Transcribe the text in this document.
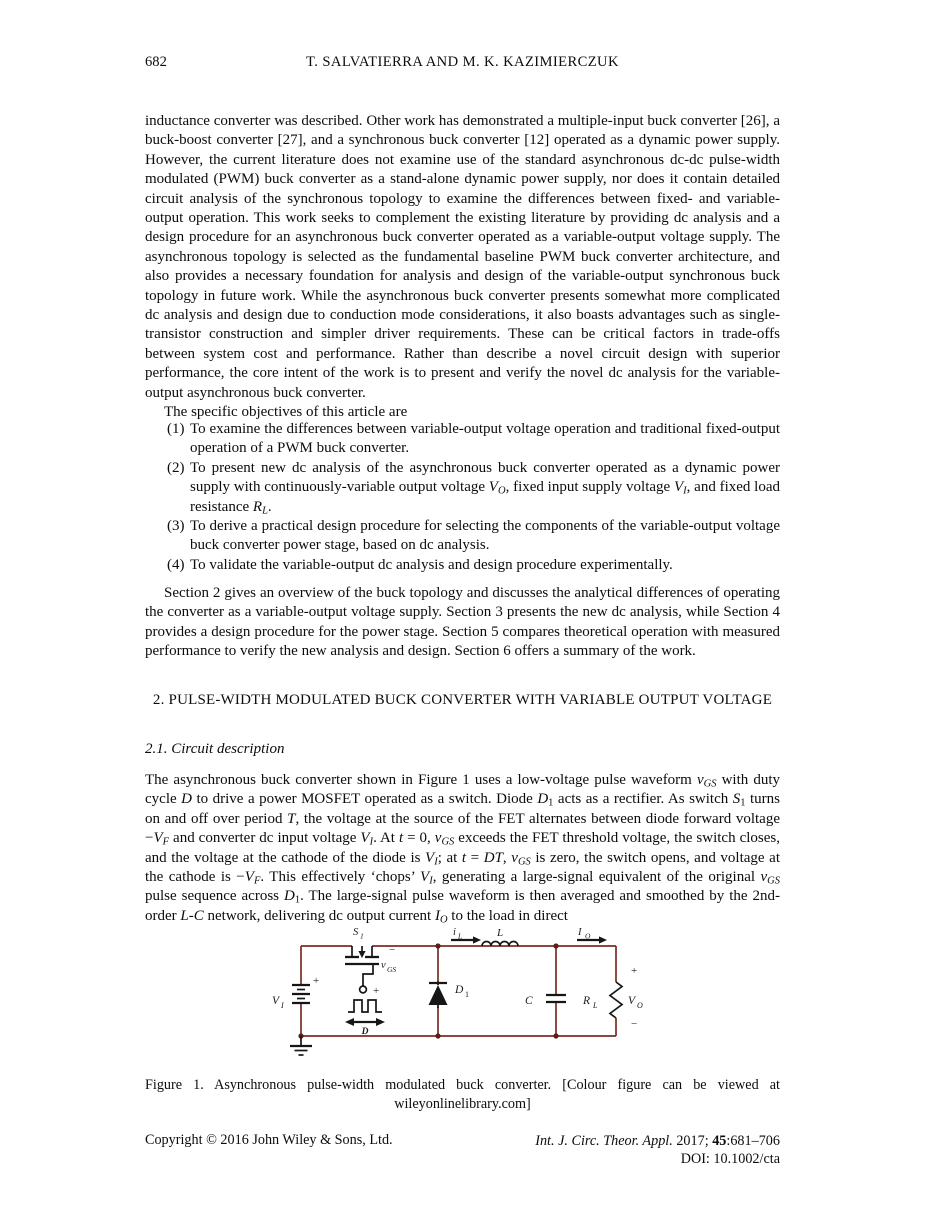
682	T. SALVATIERRA AND M. K. KAZIMIERCZUK
inductance converter was described. Other work has demonstrated a multiple-input buck converter [26], a buck-boost converter [27], and a synchronous buck converter [12] operated as a dynamic power supply. However, the current literature does not examine use of the standard asynchronous dc-dc pulse-width modulated (PWM) buck converter as a stand-alone dynamic power supply, nor does it contain detailed circuit analysis of the synchronous topology to examine the differences between fixed- and variable-output operation. This work seeks to complement the existing literature by providing dc analysis and a design procedure for an asynchronous buck converter operated as a variable-output voltage supply. The asynchronous topology is selected as the fundamental baseline PWM buck converter architecture, and also provides a necessary foundation for analysis and design of the variable-output synchronous buck topology in future work. While the asynchronous buck converter presents somewhat more complicated dc analysis and design due to conduction mode considerations, it also boasts advantages such as single-transistor construction and simpler driver requirements. These can be critical factors in trade-offs between system cost and performance. Rather than describe a novel circuit design with superior performance, the core intent of the work is to present and verify the novel dc analysis for the variable-output asynchronous buck converter.
The specific objectives of this article are
(1) To examine the differences between variable-output voltage operation and traditional fixed-output operation of a PWM buck converter.
(2) To present new dc analysis of the asynchronous buck converter operated as a dynamic power supply with continuously-variable output voltage $V_O$, fixed input supply voltage $V_I$, and fixed load resistance $R_L$.
(3) To derive a practical design procedure for selecting the components of the variable-output voltage buck converter power stage, based on dc analysis.
(4) To validate the variable-output dc analysis and design procedure experimentally.
Section 2 gives an overview of the buck topology and discusses the analytical differences of operating the converter as a variable-output voltage supply. Section 3 presents the new dc analysis, while Section 4 provides a design procedure for the power stage. Section 5 compares theoretical operation with measured performance to verify the new analysis and design. Section 6 offers a summary of the work.
2. PULSE-WIDTH MODULATED BUCK CONVERTER WITH VARIABLE OUTPUT VOLTAGE
2.1. Circuit description
The asynchronous buck converter shown in Figure 1 uses a low-voltage pulse waveform $v_{GS}$ with duty cycle D to drive a power MOSFET operated as a switch. Diode $D_1$ acts as a rectifier. As switch $S_1$ turns on and off over period T, the voltage at the source of the FET alternates between diode forward voltage $-V_F$ and converter dc input voltage $V_I$. At t = 0, $v_{GS}$ exceeds the FET threshold voltage, the switch closes, and the voltage at the cathode of the diode is $V_I$; at t = DT, $v_{GS}$ is zero, the switch opens, and voltage at the cathode is $-V_F$. This effectively ‘chops’ $V_I$, generating a large-signal equivalent of the original $v_{GS}$ pulse sequence across $D_1$. The large-signal pulse waveform is then averaged and smoothed by the 2nd-order L-C network, delivering dc output current $I_O$ to the load in direct
S 1	i L	L	I O
+
V I
−
v GS
+
D
D 1
C	R L
+
V O
−
Figure 1. Asynchronous pulse-width modulated buck converter. [Colour figure can be viewed at wileyonlinelibrary.com]
Copyright © 2016 John Wiley & Sons, Ltd.	Int. J. Circ. Theor. Appl. 2017; 45:681–706
DOI: 10.1002/cta
